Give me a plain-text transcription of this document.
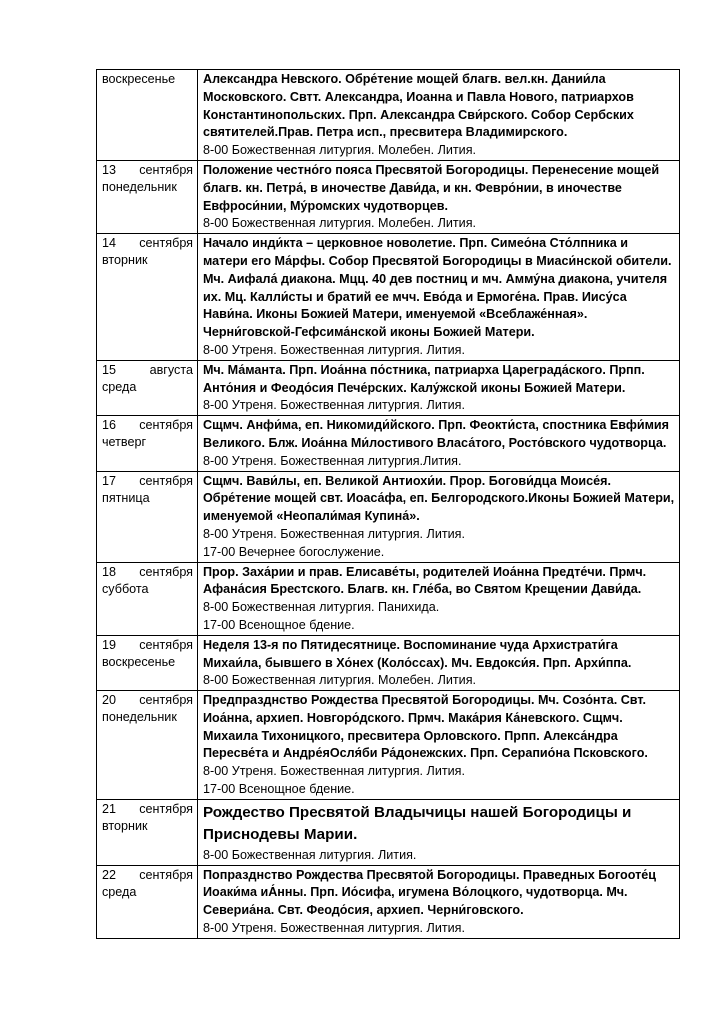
воскресенье	Александра Невского. Обре́тение мощей благв. вел.кн. Дании́ла Московского. Свтт. Александра, Иоанна и Павла Нового, патриархов Константинопольских. Прп. Александра Сви́рского. Собор Сербских святителей.Прав. Петра исп., пресвитера Владимирского.
8-00 Божественная литургия. Молебен. Лития.

13 сентября
понедельник	Положение честно́го пояса Пресвятой Богородицы. Перенесение мощей благв. кн. Петра́, в иночестве Дави́да, и кн. Февро́нии, в иночестве Евфроси́нии, Му́ромских чудотворцев.
8-00 Божественная литургия. Молебен. Лития.

14 сентября
вторник	Начало инди́кта – церковное новолетие. Прп. Симео́на Сто́лпника и матери его Ма́рфы. Собор Пресвятой Богородицы в Миаси́нской обители. Мч. Аифала́ диакона. Мцц. 40 дев постниц и мч. Амму́на диакона, учителя их. Мц. Калли́сты и братий ее мчч. Ево́да и Ермоге́на. Прав. Иису́са Нави́на. Иконы Божией Матери, именуемой «Всеблаже́нная». Черни́говской-Гефсима́нской иконы Божией Матери.
8-00 Утреня. Божественная литургия. Лития.

15 августа
среда	Мч. Ма́манта. Прп. Иоа́нна по́стника, патриарха Цареграда́ского. Прпп. Анто́ния и Феодо́сия Пече́рских. Калу́жской иконы Божией Матери.
8-00 Утреня. Божественная литургия. Лития.

16 сентября
четверг	Сщмч. Анфи́ма, еп. Никомиди́йского. Прп. Феокти́ста, спостника Евфи́мия Великого. Блж. Иоа́нна Ми́лостивого Власа́того, Росто́вского чудотворца.
8-00 Утреня. Божественная литургия.Лития.

17 сентября
пятница	Сщмч. Вави́лы, еп. Великой Антиохи́и. Прор. Богови́дца Моисе́я. Обре́тение мощей свт. Иоаса́фа, еп. Белгородского.Иконы Божией Матери, именуемой «Неопали́мая Купина́».
8-00 Утреня. Божественная литургия. Лития.
17-00 Вечернее богослужение.

18 сентября
суббота	Прор. Заха́рии и прав. Елисаве́ты, родителей Иоа́нна Предте́чи. Прмч. Афана́сия Брестского. Благв. кн. Гле́ба, во Святом Крещении Дави́да.
8-00 Божественная литургия. Панихида.
17-00 Всенощное бдение.

19 сентября
воскресенье	Неделя 13-я по Пятидесятнице. Воспоминание чуда Архистрати́га Михаи́ла, бывшего в Хо́нех (Коло́ссах). Мч. Евдокси́я. Прп. Архи́ппа.
8-00 Божественная литургия. Молебен. Лития.

20 сентября
понедельник	Предпразднство Рождества Пресвятой Богородицы. Мч. Созо́нта. Свт. Иоа́нна, архиеп. Новгоро́дского. Прмч. Мака́рия Ка́невского. Сщмч. Михаила Тихоницкого, пресвитера Орловского. Прпп. Алекса́ндра Пересве́та и Андре́яОсля́би Ра́донежских. Прп. Серапио́на Псковского.
8-00 Утреня. Божественная литургия. Лития.
17-00 Всенощное бдение.

21 сентября
вторник	Рождество Пресвятой Владычицы нашей Богородицы и Приснодевы Марии.
8-00 Божественная литургия. Лития.

22 сентября
среда	Попразднство Рождества Пресвятой Богородицы. Праведных Богооте́ц Иоаки́ма иА́нны. Прп. Ио́сифа, игумена Во́лоцкого, чудотворца. Мч. Севериа́на. Свт. Феодо́сия, архиеп. Черни́говского.
8-00 Утреня. Божественная литургия. Лития.
